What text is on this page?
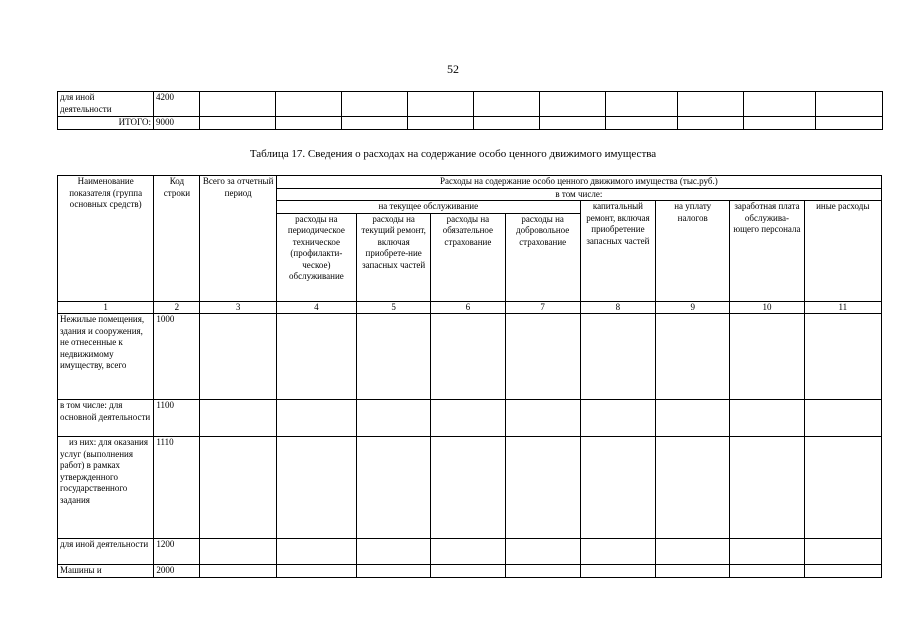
52
для иной
деятельности	4200										
ИТОГО:	9000										
Таблица 17. Сведения о расходах на содержание особо ценного движимого имущества
Наименование показателя (группа основных средств)	Код строки	Всего за отчетный период	Расходы на содержание особо ценного движимого имущества (тыс.руб.)							
			в том числе:							
			на текущее обслуживание				капитальный ремонт, включая приобретение запасных частей	на уплату налогов	заработная плата обслужива-ющего персонала	иные расходы
			расходы на периодическое техническое (профилакти-ческое) обслуживание	расходы на текущий ремонт, включая приобрете-ние запасных частей	расходы на обязательное страхование	расходы на добровольное страхование				
1	2	3	4	5	6	7	8	9	10	11
Нежилые помещения, здания и сооружения, не отнесенные к недвижимому имуществу, всего	1000									
в том числе: для основной деятельности	1100									
из них: для оказания услуг (выполнения работ) в рамках утвержденного государственного задания	1110									
для иной деятельности	1200									
Машины и	2000									
